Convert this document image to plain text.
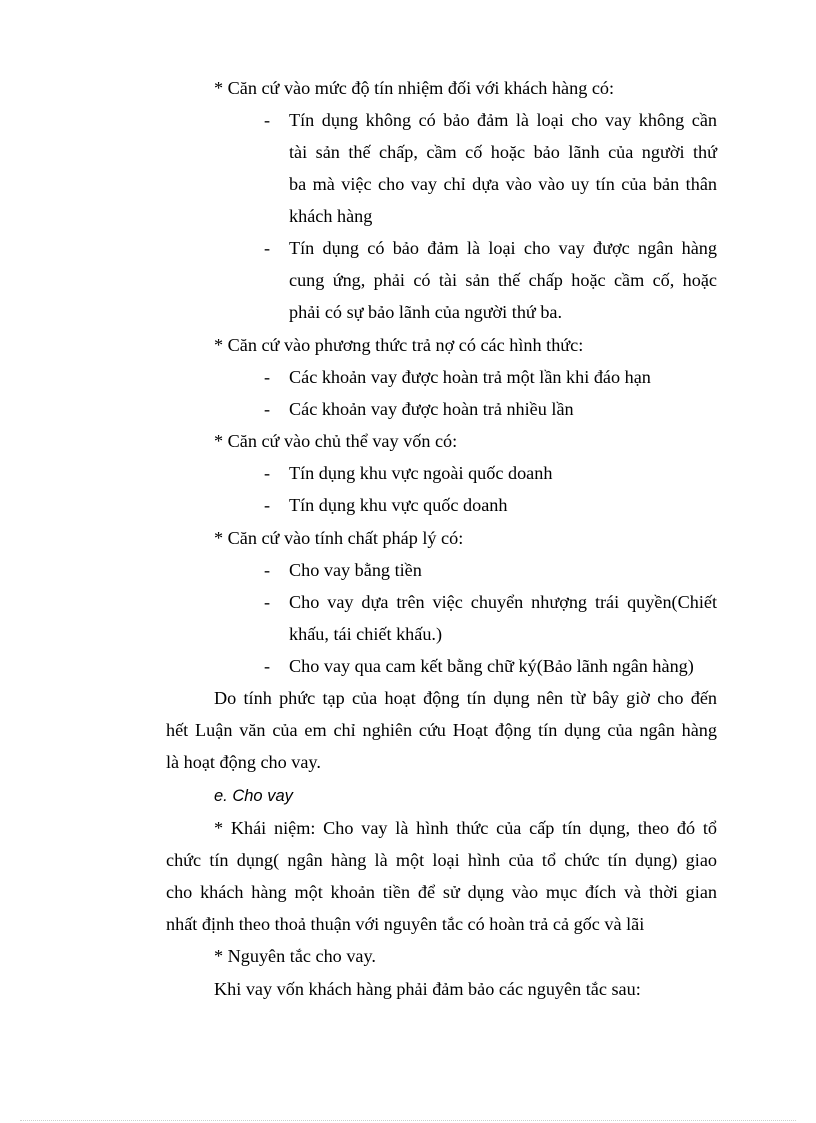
* Căn cứ vào mức độ tín nhiệm đối với khách hàng có:
- Tín dụng không có bảo đảm là loại cho vay không cần
tài sản thế chấp, cầm cố hoặc bảo lãnh của người thứ
ba mà việc cho vay chỉ dựa vào vào uy tín của bản thân
khách hàng
- Tín dụng có bảo đảm là loại cho vay được ngân hàng
cung ứng, phải có tài sản thế chấp hoặc cầm cố, hoặc
phải có sự bảo lãnh của người thứ ba.
* Căn cứ vào phương thức trả nợ có các hình thức:
- Các khoản vay được hoàn trả một lần khi đáo hạn
- Các khoản vay được hoàn trả nhiều lần
* Căn cứ vào chủ thể vay vốn có:
- Tín dụng khu vực ngoài quốc doanh
- Tín dụng khu vực quốc doanh
* Căn cứ vào tính chất pháp lý có:
- Cho vay bằng tiền
- Cho vay dựa trên việc chuyển nhượng trái quyền(Chiết
khấu, tái chiết khấu.)
- Cho vay qua cam kết bằng chữ ký(Bảo lãnh ngân hàng)
Do tính phức tạp của hoạt động tín dụng nên từ bây giờ cho đến
hết Luận văn của em chỉ nghiên cứu Hoạt động tín dụng của ngân hàng
là hoạt động cho vay.
e. Cho vay
* Khái niệm: Cho vay là hình thức của cấp tín dụng, theo đó tổ
chức tín dụng( ngân hàng là một loại hình của tổ chức tín dụng) giao
cho khách hàng một khoản tiền để sử dụng vào mục đích và thời gian
nhất định theo thoả thuận với nguyên tắc có hoàn trả cả gốc và lãi
* Nguyên tắc cho vay.
Khi vay vốn khách hàng phải đảm bảo các nguyên tắc sau:
